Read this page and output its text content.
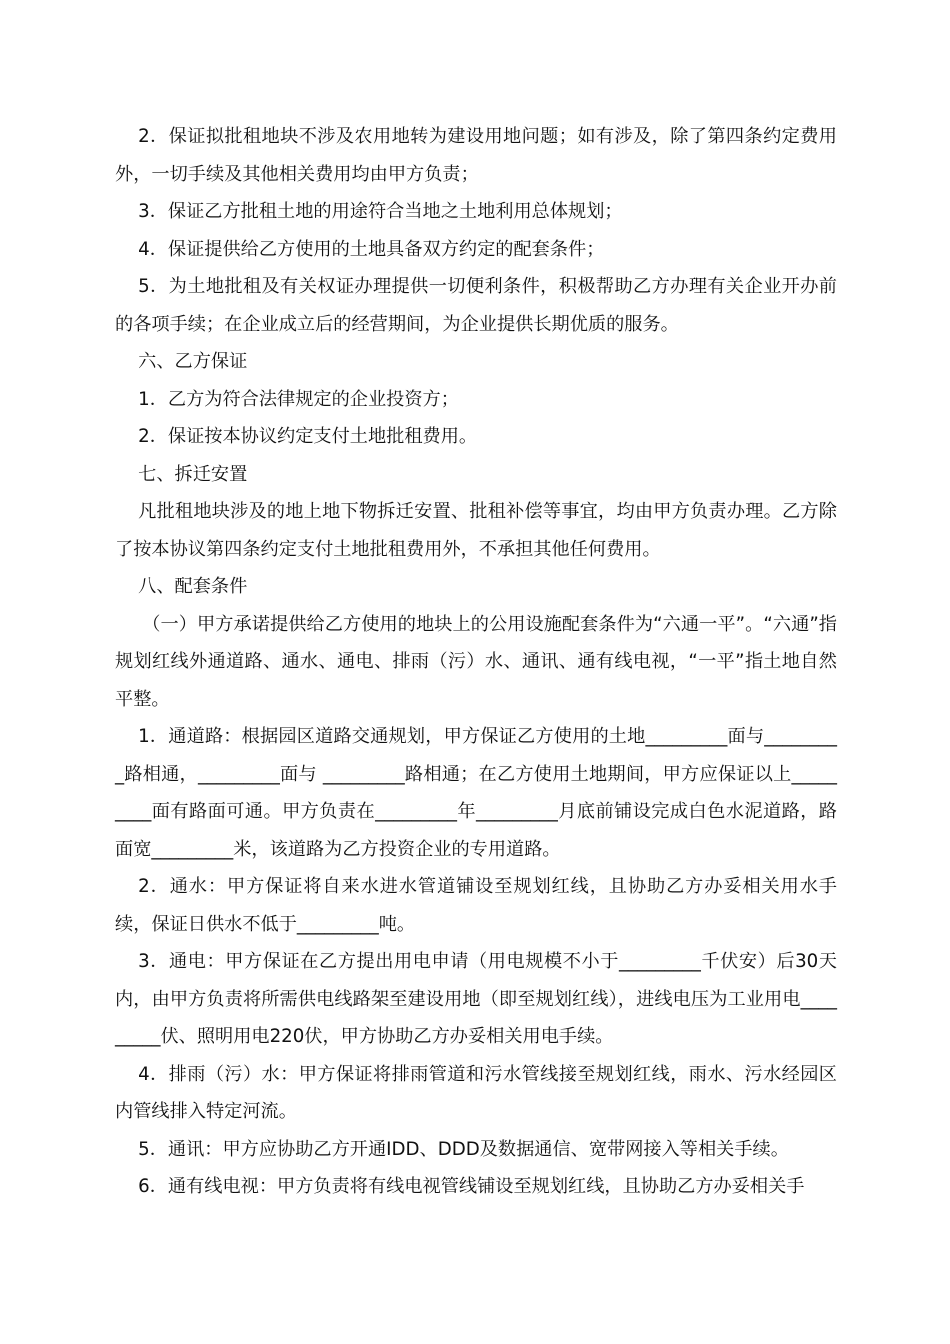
2．保证拟批租地块不涉及农用地转为建设用地问题；如有涉及，除了第四条约定费用外，一切手续及其他相关费用均由甲方负责；

3．保证乙方批租土地的用途符合当地之土地利用总体规划；

4．保证提供给乙方使用的土地具备双方约定的配套条件；

5．为土地批租及有关权证办理提供一切便利条件，积极帮助乙方办理有关企业开办前的各项手续；在企业成立后的经营期间，为企业提供长期优质的服务。

六、乙方保证

1．乙方为符合法律规定的企业投资方；

2．保证按本协议约定支付土地批租费用。

七、拆迁安置

凡批租地块涉及的地上地下物拆迁安置、批租补偿等事宜，均由甲方负责办理。乙方除了按本协议第四条约定支付土地批租费用外，不承担其他任何费用。

八、配套条件

（一）甲方承诺提供给乙方使用的地块上的公用设施配套条件为“六通一平”。“六通”指规划红线外通道路、通水、通电、排雨（污）水、通讯、通有线电视，“一平”指土地自然平整。

1．通道路：根据园区道路交通规划，甲方保证乙方使用的土地_________面与_________路相通，_________面与 _________路相通；在乙方使用土地期间，甲方应保证以上_________面有路面可通。甲方负责在_________年_________月底前铺设完成白色水泥道路，路面宽_________米，该道路为乙方投资企业的专用道路。

2．通水：甲方保证将自来水进水管道铺设至规划红线，且协助乙方办妥相关用水手续，保证日供水不低于_________吨。

3．通电：甲方保证在乙方提出用电申请（用电规模不小于_________千伏安）后30天内，由甲方负责将所需供电线路架至建设用地（即至规划红线），进线电压为工业用电_________伏、照明用电220伏，甲方协助乙方办妥相关用电手续。

4．排雨（污）水：甲方保证将排雨管道和污水管线接至规划红线，雨水、污水经园区内管线排入特定河流。

5．通讯：甲方应协助乙方开通IDD、DDD及数据通信、宽带网接入等相关手续。

6．通有线电视：甲方负责将有线电视管线铺设至规划红线，且协助乙方办妥相关手
